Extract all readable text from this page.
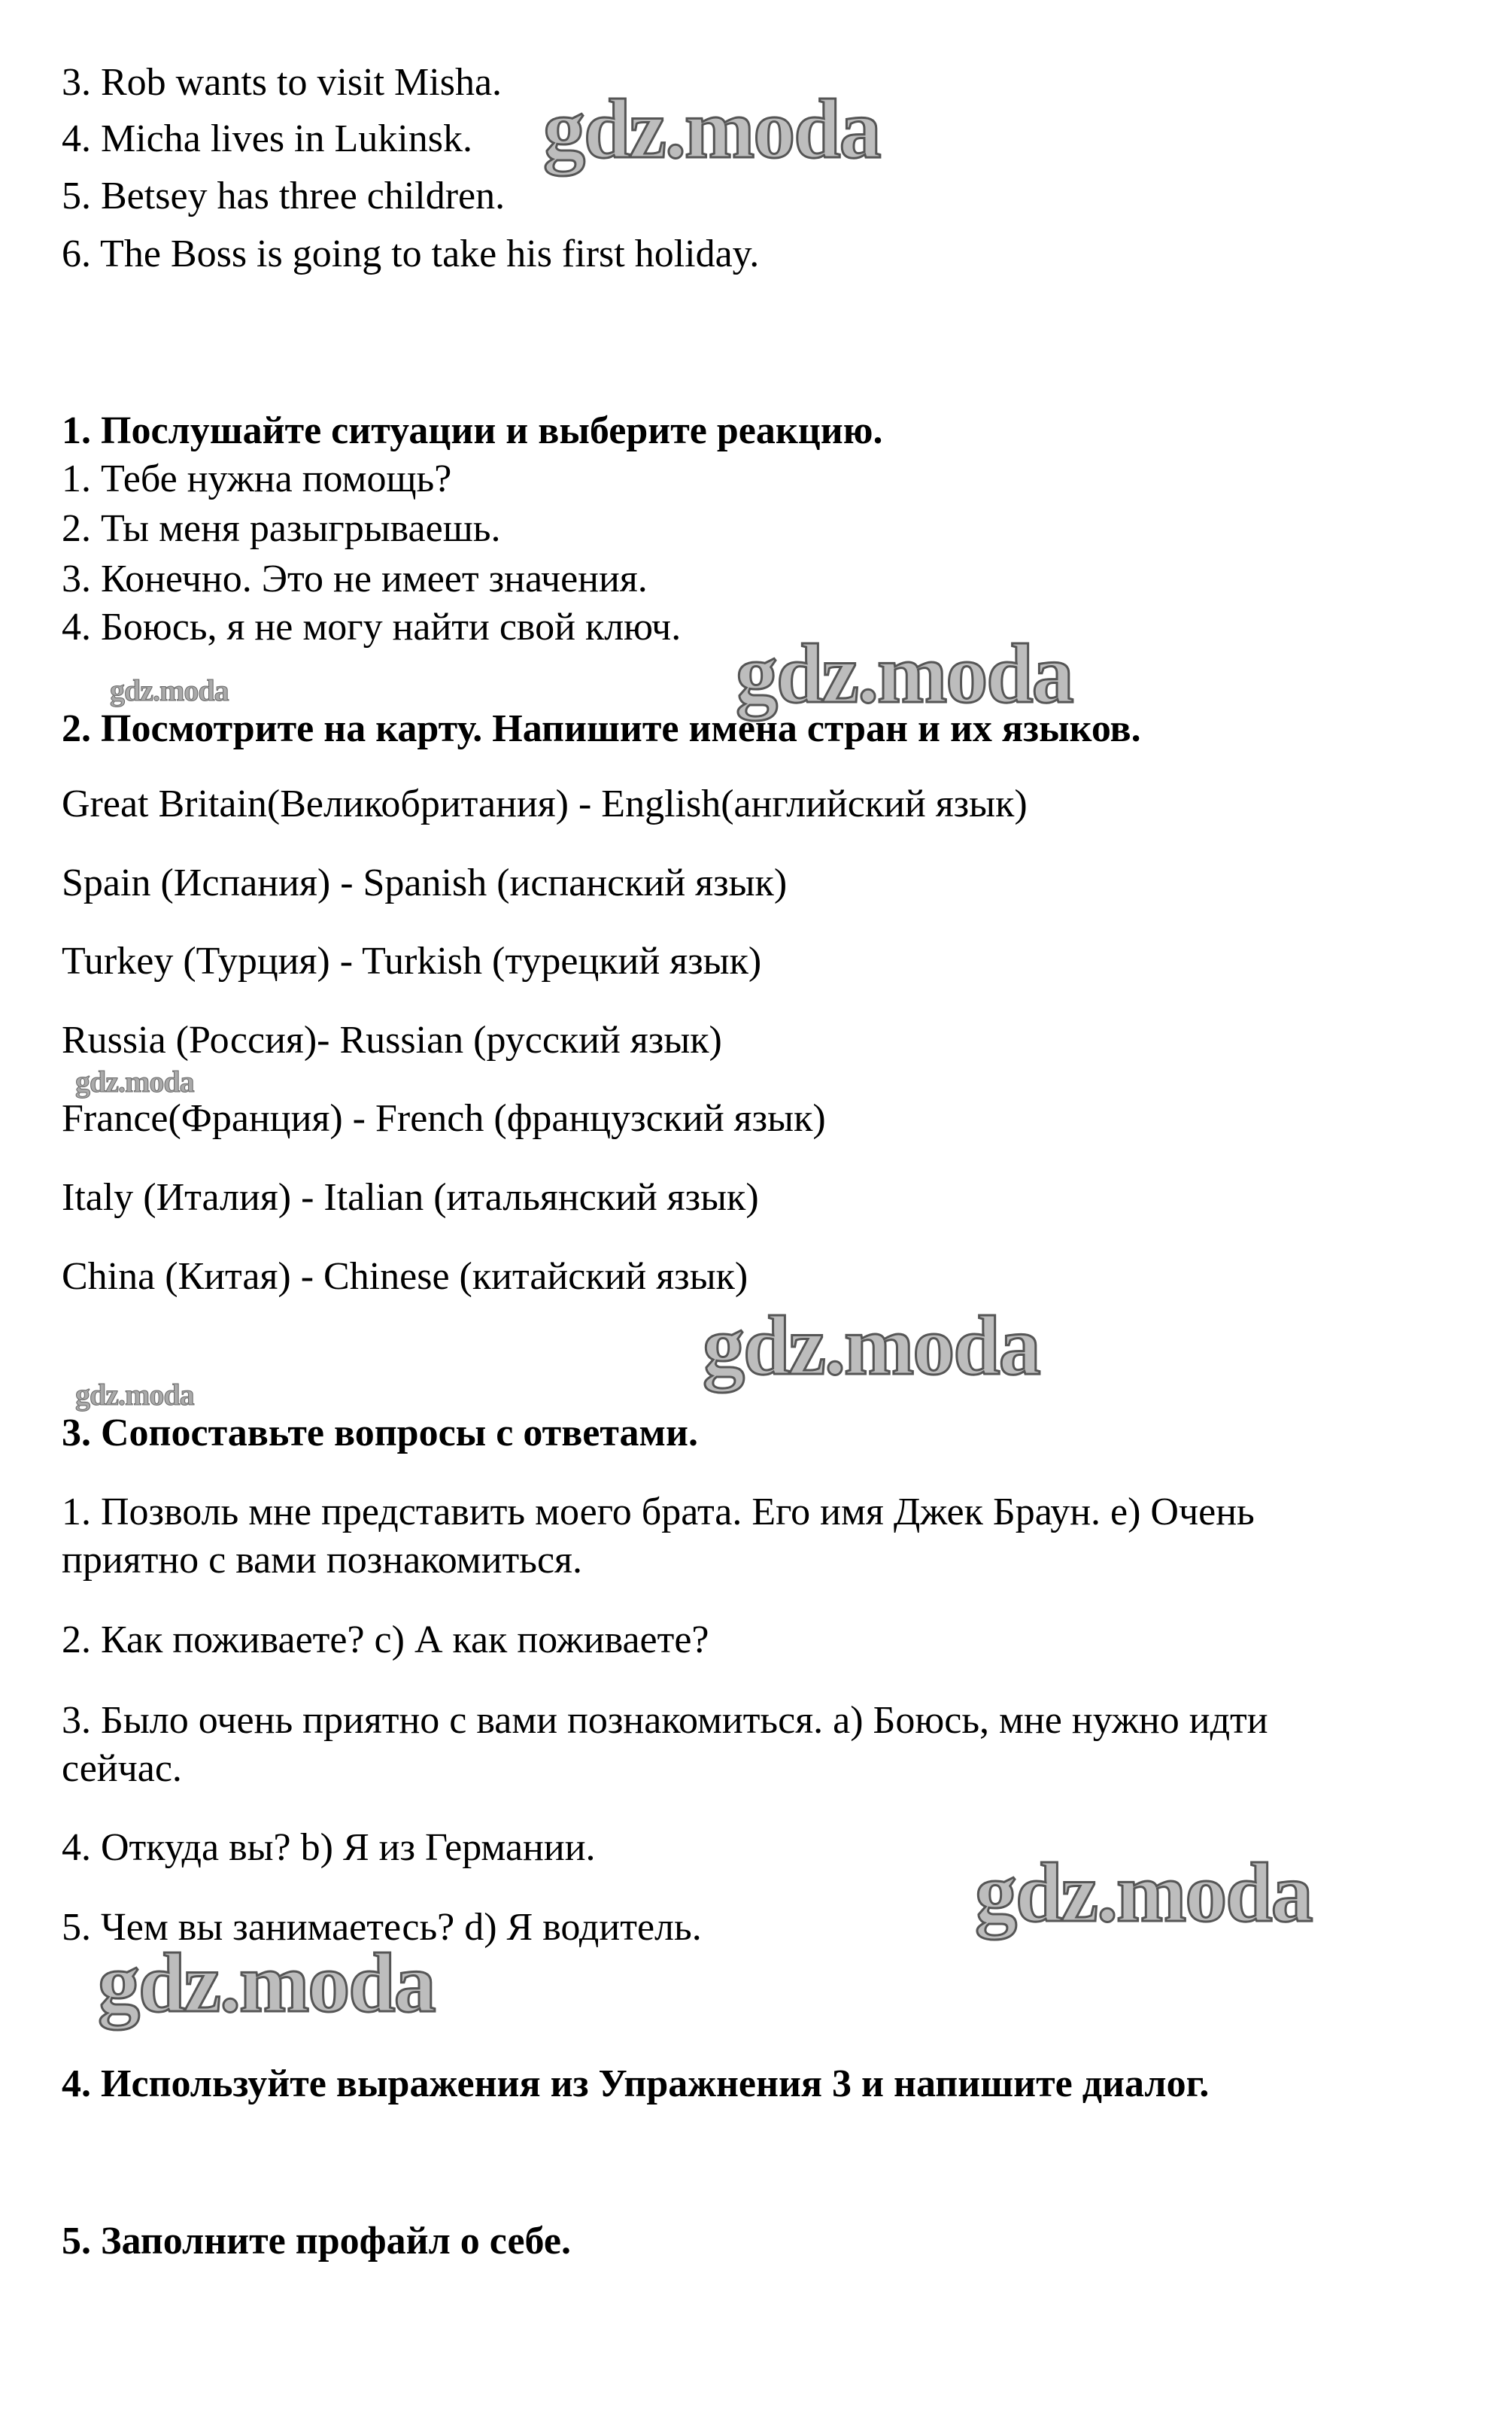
3. Rob wants to visit Misha.
4. Micha lives in Lukinsk.
5. Betsey has three children.
6. The Boss is going to take his first holiday.
1. Послушайте ситуации и выберите реакцию.
1. Тебе нужна помощь?
2. Ты меня разыгрываешь.
3. Конечно. Это не имеет значения.
4. Боюсь, я не могу найти свой ключ.
2. Посмотрите на карту. Напишите имена стран и их языков.
Great Britain(Великобритания) - English(английский язык)
Spain (Испания) - Spanish (испанский язык)
Turkey (Турция) - Turkish (турецкий язык)
Russia (Россия)- Russian (русский язык)
France(Франция) - French (французский язык)
Italy (Италия) - Italian (итальянский язык)
China (Китая) - Chinese (китайский язык)
3. Сопоставьте вопросы с ответами.
1. Позволь мне представить моего брата. Его имя Джек Браун. e) Очень
приятно с вами познакомиться.
2. Как поживаете? c) А как поживаете?
3. Было очень приятно с вами познакомиться. a) Боюсь, мне нужно идти
сейчас.
4. Откуда вы? b) Я из Германии.
5. Чем вы занимаетесь? d) Я водитель.
4. Используйте выражения из Упражнения 3 и напишите диалог.
5. Заполните профайл о себе.
gdz.moda
gdz.moda
gdz.moda
gdz.moda
gdz.moda
gdz.moda
gdz.moda
gdz.moda
